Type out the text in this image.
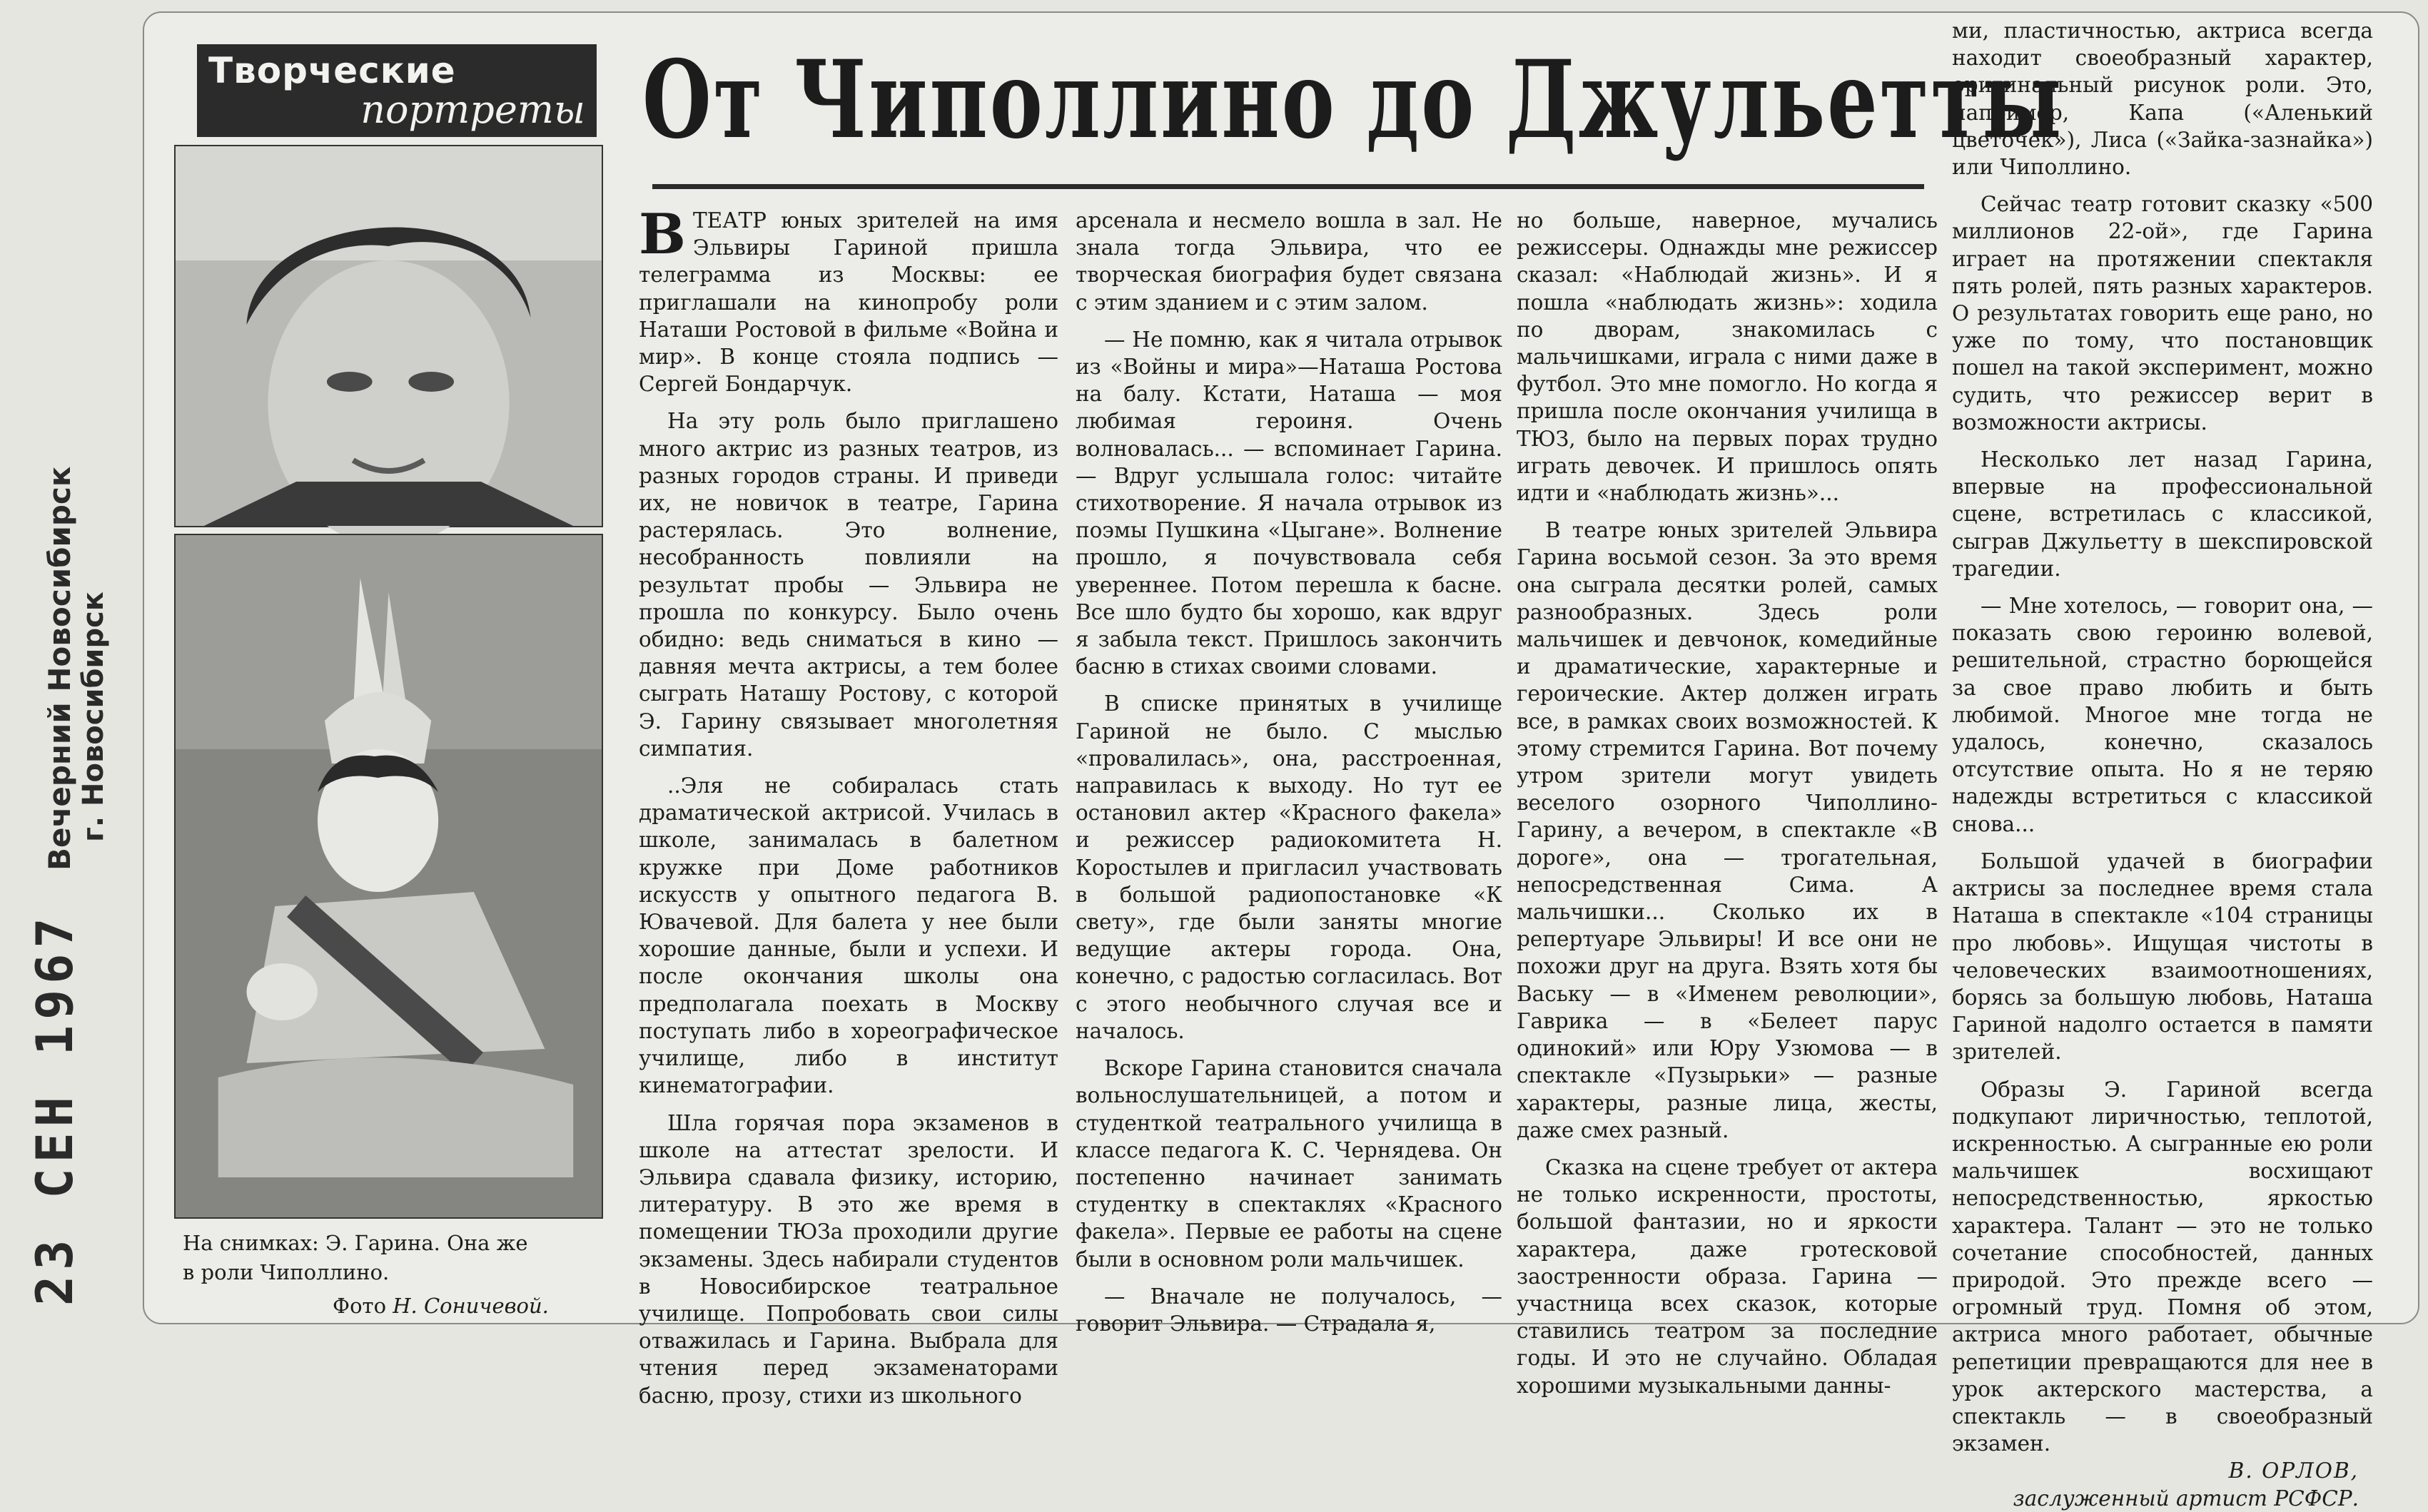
23 СЕН 1967
Вечерний Новосибирск г. Новосибирск
Творческие
портреты От Чиполлино до Джульетты
На снимках: Э. Гарина. Она же
в роли Чиполлино.
Фото Н. Соничевой.

ВТЕАТР юных зрителей на имя Эльвиры Гариной пришла телеграмма из Москвы: ее приглашали на кинопробу роли Наташи Ростовой в фильме «Война и мир». В конце стояла подпись — Сергей Бондарчук.

На эту роль было приглашено много актрис из разных театров, из разных городов страны. И приведи их, не новичок в театре, Гарина растерялась. Это волнение, несобранность повлияли на результат пробы — Эльвира не прошла по конкурсу. Было очень обидно: ведь сниматься в кино — давняя мечта актрисы, а тем более сыграть Наташу Ростову, с которой Э. Гарину связывает многолетняя симпатия.

..Эля не собиралась стать драматической актрисой. Училась в школе, занималась в балетном кружке при Доме работников искусств у опытного педагога В. Ювачевой. Для балета у нее были хорошие данные, были и успехи. И после окончания школы она предполагала поехать в Москву поступать либо в хореографическое училище, либо в институт кинематографии.

Шла горячая пора экзаменов в школе на аттестат зрелости. И Эльвира сдавала физику, историю, литературу. В это же время в помещении ТЮЗа проходили другие экзамены. Здесь набирали студентов в Новосибирское театральное училище. Попробовать свои силы отважилась и Гарина. Выбрала для чтения перед экзаменаторами басню, прозу, стихи из школьного

арсенала и несмело вошла в зал. Не знала тогда Эльвира, что ее творческая биография будет связана с этим зданием и с этим залом.

— Не помню, как я читала отрывок из «Войны и мира»—Наташа Ростова на балу. Кстати, Наташа — моя любимая героиня. Очень волновалась... — вспоминает Гарина. — Вдруг услышала голос: читайте стихотворение. Я начала отрывок из поэмы Пушкина «Цыгане». Волнение прошло, я почувствовала себя увереннее. Потом перешла к басне. Все шло будто бы хорошо, как вдруг я забыла текст. Пришлось закончить басню в стихах своими словами.

В списке принятых в училище Гариной не было. С мыслью «провалилась», она, расстроенная, направилась к выходу. Но тут ее остановил актер «Красного факела» и режиссер радиокомитета Н. Коростылев и пригласил участвовать в большой радиопостановке «К свету», где были заняты многие ведущие актеры города. Она, конечно, с радостью согласилась. Вот с этого необычного случая все и началось.

Вскоре Гарина становится сначала вольнослушательницей, а потом и студенткой театрального училища в классе педагога К. С. Чернядева. Он постепенно начинает занимать студентку в спектаклях «Красного факела». Первые ее работы на сцене были в основном роли мальчишек.

— Вначале не получалось, — говорит Эльвира. — Страдала я,

но больше, наверное, мучались режиссеры. Однажды мне режиссер сказал: «Наблюдай жизнь». И я пошла «наблюдать жизнь»: ходила по дворам, знакомилась с мальчишками, играла с ними даже в футбол. Это мне помогло. Но когда я пришла после окончания училища в ТЮЗ, было на первых порах трудно играть девочек. И пришлось опять идти и «наблюдать жизнь»...

В театре юных зрителей Эльвира Гарина восьмой сезон. За это время она сыграла десятки ролей, самых разнообразных. Здесь роли мальчишек и девчонок, комедийные и драматические, характерные и героические. Актер должен играть все, в рамках своих возможностей. К этому стремится Гарина. Вот почему утром зрители могут увидеть веселого озорного Чиполлино-Гарину, а вечером, в спектакле «В дороге», она — трогательная, непосредственная Сима. А мальчишки... Сколько их в репертуаре Эльвиры! И все они не похожи друг на друга. Взять хотя бы Ваську — в «Именем революции», Гаврика — в «Белеет парус одинокий» или Юру Узюмова — в спектакле «Пузырьки» — разные характеры, разные лица, жесты, даже смех разный.

Сказка на сцене требует от актера не только искренности, простоты, большой фантазии, но и яркости характера, даже гротесковой заостренности образа. Гарина — участница всех сказок, которые ставились театром за последние годы. И это не случайно. Обладая хорошими музыкальными данны-

ми, пластичностью, актриса всегда находит своеобразный характер, оригинальный рисунок роли. Это, например, Капа («Аленький цветочек»), Лиса («Зайка-зазнайка») или Чиполлино.

Сейчас театр готовит сказку «500 миллионов 22-ой», где Гарина играет на протяжении спектакля пять ролей, пять разных характеров. О результатах говорить еще рано, но уже по тому, что постановщик пошел на такой эксперимент, можно судить, что режиссер верит в возможности актрисы.

Несколько лет назад Гарина, впервые на профессиональной сцене, встретилась с классикой, сыграв Джульетту в шекспировской трагедии.

— Мне хотелось, — говорит она, — показать свою героиню волевой, решительной, страстно борющейся за свое право любить и быть любимой. Многое мне тогда не удалось, конечно, сказалось отсутствие опыта. Но я не теряю надежды встретиться с классикой снова...

Большой удачей в биографии актрисы за последнее время стала Наташа в спектакле «104 страницы про любовь». Ищущая чистоты в человеческих взаимоотношениях, борясь за большую любовь, Наташа Гариной надолго остается в памяти зрителей.

Образы Э. Гариной всегда подкупают лиричностью, теплотой, искренностью. А сыгранные ею роли мальчишек восхищают непосредственностью, яркостью характера. Талант — это не только сочетание способностей, данных природой. Это прежде всего — огромный труд. Помня об этом, актриса много работает, обычные репетиции превращаются для нее в урок актерского мастерства, а спектакль — в своеобразный экзамен.

В. ОРЛОВ,
заслуженный артист РСФСР.
